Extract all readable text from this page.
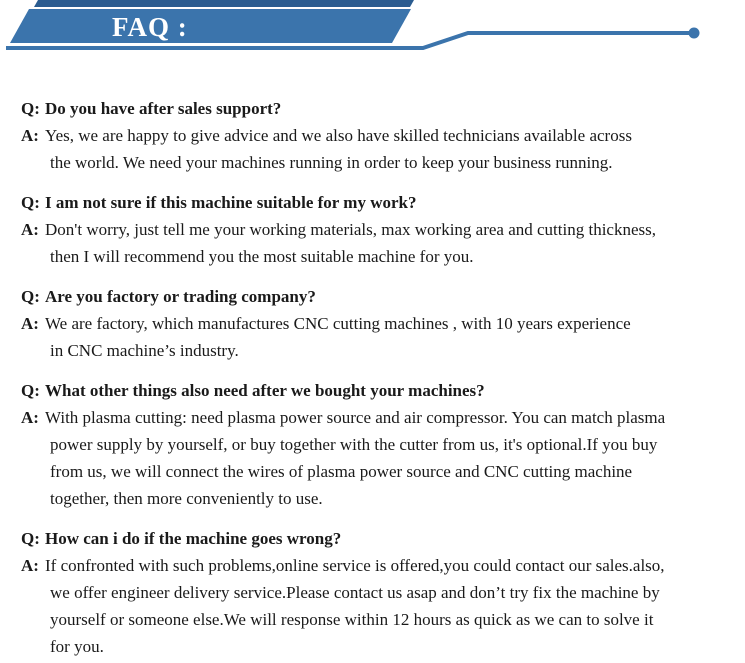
FAQ :
Q: Do you have after sales support?
A: Yes, we are happy to give advice and we also have skilled technicians available across
the world. We need your machines running in order to keep your business running.
Q: I am not sure if this machine suitable for my work?
A: Don't worry, just tell me your working materials, max working area and cutting thickness,
then I will recommend you the most suitable machine for you.
Q: Are you factory or trading company?
A: We are factory, which manufactures CNC cutting machines , with 10 years experience
in CNC machine’s industry.
Q: What other things also need after we bought your machines?
A: With plasma cutting: need plasma power source and air compressor. You can match plasma
power supply by yourself, or buy together with the cutter from us, it's optional.If you buy
from us, we will connect the wires of plasma power source and CNC cutting machine
together, then more conveniently to use.
Q: How can i do if the machine goes wrong?
A: If confronted with such problems,online service is offered,you could contact our sales.also,
we offer engineer delivery service.Please contact us asap and don’t try fix the machine by
yourself or someone else.We will response within 12 hours as quick as we can to solve it
for you.
